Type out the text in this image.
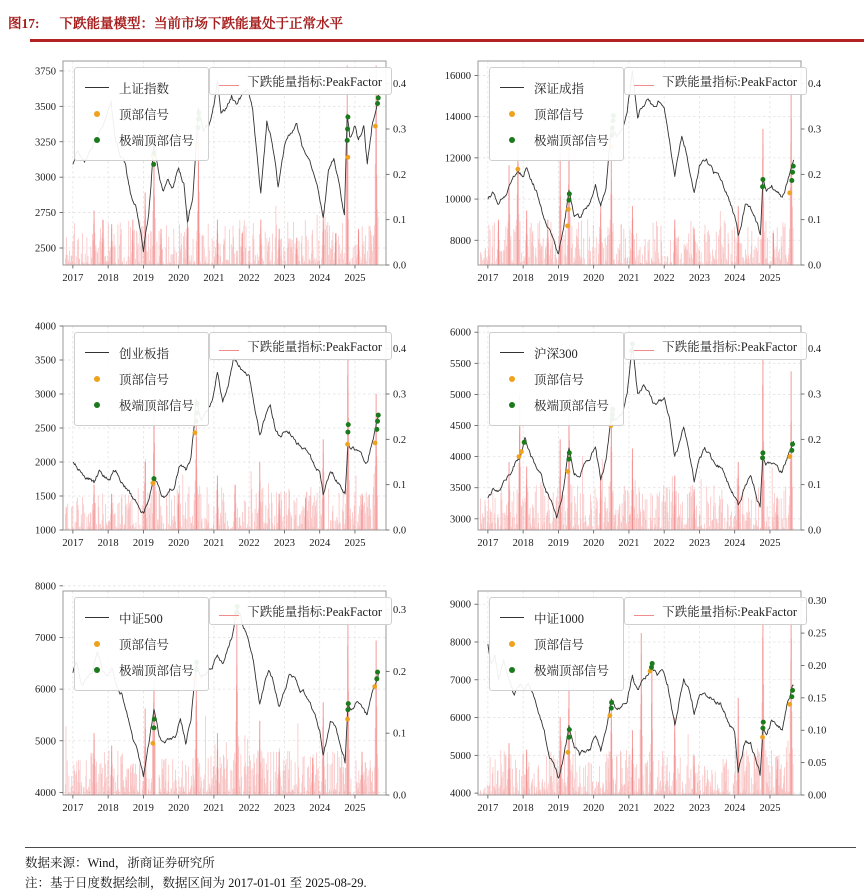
图17: 下跌能量模型：当前市场下跌能量处于正常水平
2500
2750
3000
3250
3500
3750
0.0
0.1
0.2
0.3
0.4
2017 2018 2019 2020 2021 2022 2023 2024 2025
上证指数
顶部信号
极端顶部信号
下跌能量指标:PeakFactor
8000
10000
12000
14000
16000
0.0
0.1
0.2
0.3
0.4
2017 2018 2019 2020 2021 2022 2023 2024 2025
深证成指
顶部信号
极端顶部信号
下跌能量指标:PeakFactor
1000
1500
2000
2500
3000
3500
4000
0.0
0.1
0.2
0.3
0.4
2017 2018 2019 2020 2021 2022 2023 2024 2025
创业板指
顶部信号
极端顶部信号
下跌能量指标:PeakFactor
3000
3500
4000
4500
5000
5500
6000
0.0
0.1
0.2
0.3
0.4
2017 2018 2019 2020 2021 2022 2023 2024 2025
沪深300
顶部信号
极端顶部信号
下跌能量指标:PeakFactor
4000
5000
6000
7000
8000
0.0
0.1
0.2
0.3
2017 2018 2019 2020 2021 2022 2023 2024 2025
中证500
顶部信号
极端顶部信号
下跌能量指标:PeakFactor
4000
5000
6000
7000
8000
9000
0.00
0.05
0.10
0.15
0.20
0.25
0.30
2017 2018 2019 2020 2021 2022 2023 2024 2025
中证1000
顶部信号
极端顶部信号
下跌能量指标:PeakFactor
数据来源：Wind，浙商证券研究所
注：基于日度数据绘制，数据区间为 2017-01-01 至 2025-08-29.
